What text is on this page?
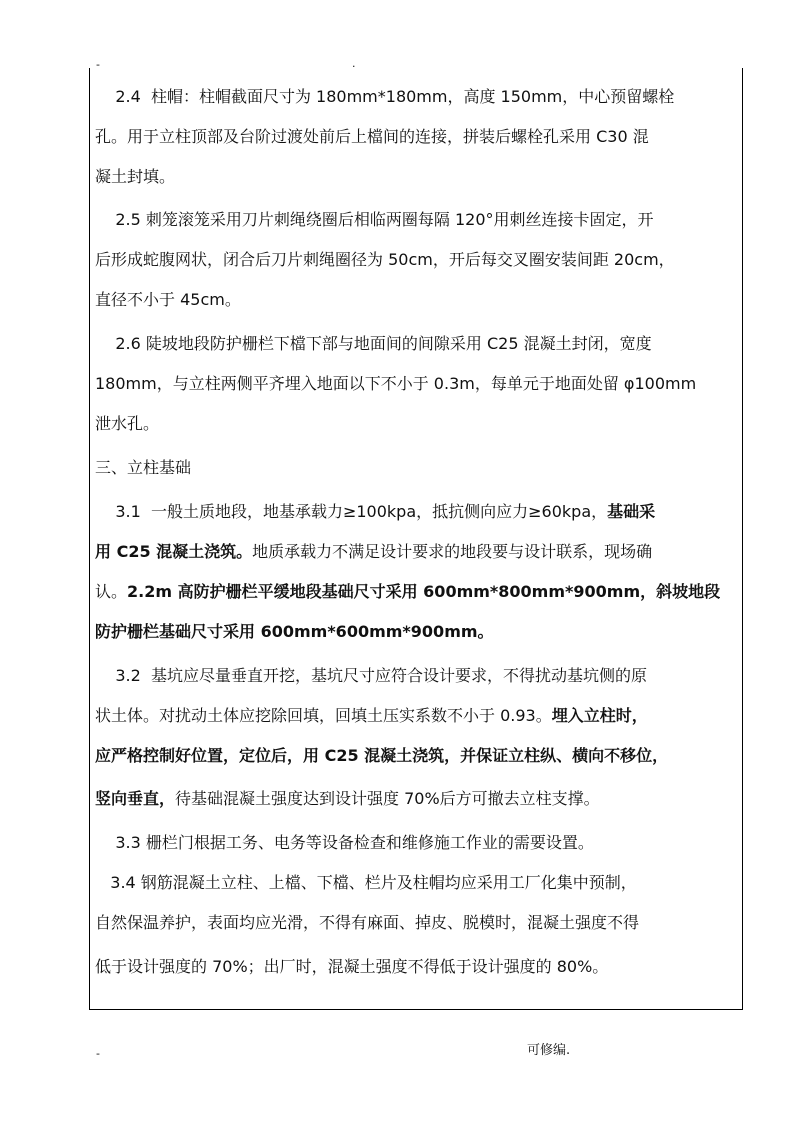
-	.
2.4  柱帽：柱帽截面尺寸为 180mm*180mm，高度 150mm，中心预留螺栓
孔。用于立柱顶部及台阶过渡处前后上檔间的连接，拼装后螺栓孔采用 C30 混
凝土封填。
2.5 刺笼滚笼采用刀片刺绳绕圈后相临两圈每隔 120°用刺丝连接卡固定，开
后形成蛇腹网状，闭合后刀片刺绳圈径为 50cm，开后每交叉圈安装间距 20cm，
直径不小于 45cm。
2.6 陡坡地段防护栅栏下檔下部与地面间的间隙采用 C25 混凝土封闭，宽度
180mm，与立柱两侧平齐埋入地面以下不小于 0.3m，每单元于地面处留 φ100mm
泄水孔。
三、立柱基础
3.1  一般土质地段，地基承载力≥100kpa，抵抗侧向应力≥60kpa，基础采
用 C25 混凝土浇筑。地质承载力不满足设计要求的地段要与设计联系，现场确
认。2.2m 高防护栅栏平缓地段基础尺寸采用 600mm*800mm*900mm，斜坡地段
防护栅栏基础尺寸采用 600mm*600mm*900mm。
3.2  基坑应尽量垂直开挖，基坑尺寸应符合设计要求，不得扰动基坑侧的原
状土体。对扰动土体应挖除回填，回填土压实系数不小于 0.93。埋入立柱时，
应严格控制好位置，定位后，用 C25 混凝土浇筑，并保证立柱纵、横向不移位，
竖向垂直，待基础混凝土强度达到设计强度 70%后方可撤去立柱支撑。
3.3 栅栏门根据工务、电务等设备检查和维修施工作业的需要设置。
3.4 钢筋混凝土立柱、上檔、下檔、栏片及柱帽均应采用工厂化集中预制，
自然保温养护，表面均应光滑，不得有麻面、掉皮、脱模时，混凝土强度不得
低于设计强度的 70%；出厂时，混凝土强度不得低于设计强度的 80%。
-	可修编.
